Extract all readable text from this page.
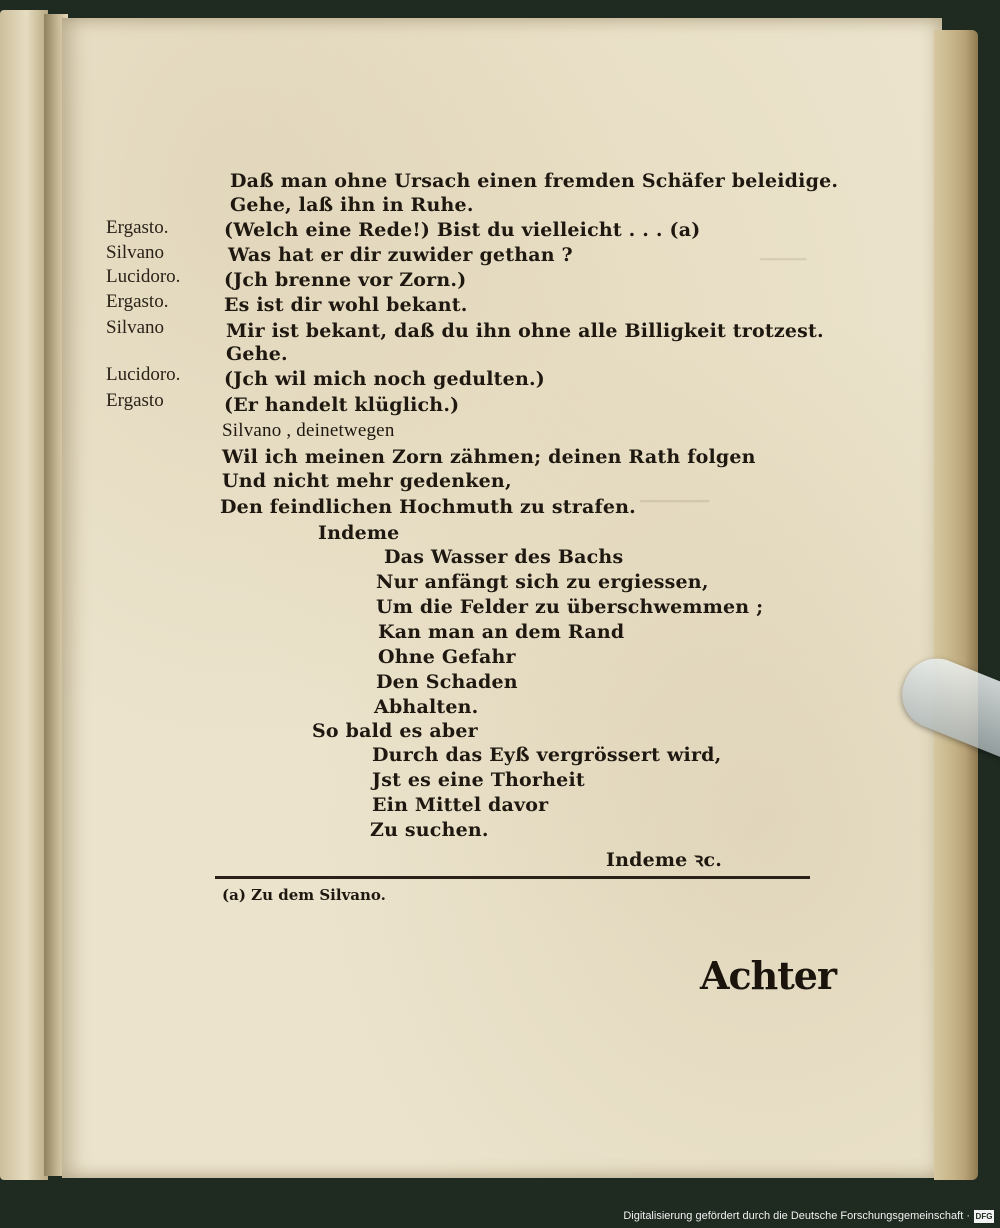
▔▔▔▔
▔▔▔▔▔▔
Ergasto.
Silvano
Lucidoro.
Ergasto.
Silvano
Lucidoro.
Ergasto
Daß man ohne Ursach einen fremden Schäfer beleidige.
Gehe, laß ihn in Ruhe.
(Welch eine Rede!) Bist du vielleicht . . . (a)
Was hat er dir zuwider gethan ?
(Jch brenne vor Zorn.)
Es ist dir wohl bekant.
Mir ist bekant, daß du ihn ohne alle Billigkeit trotzest.
Gehe.
(Jch wil mich noch gedulten.)
(Er handelt klüglich.)
Silvano , deinetwegen
Wil ich meinen Zorn zähmen; deinen Rath folgen
Und nicht mehr gedenken,
Den feindlichen Hochmuth zu strafen.
Indeme
Das Wasser des Bachs
Nur anfängt sich zu ergiessen,
Um die Felder zu überschwemmen ;
Kan man an dem Rand
Ohne Gefahr
Den Schaden
Abhalten.
So bald es aber
Durch das Eyß vergrössert wird,
Jst es eine Thorheit
Ein Mittel davor
Zu suchen.
Indeme ꝛc.
(a) Zu dem Silvano.
Achter
Digitalisierung gefördert durch die Deutsche Forschungsgemeinschaft · DFG
